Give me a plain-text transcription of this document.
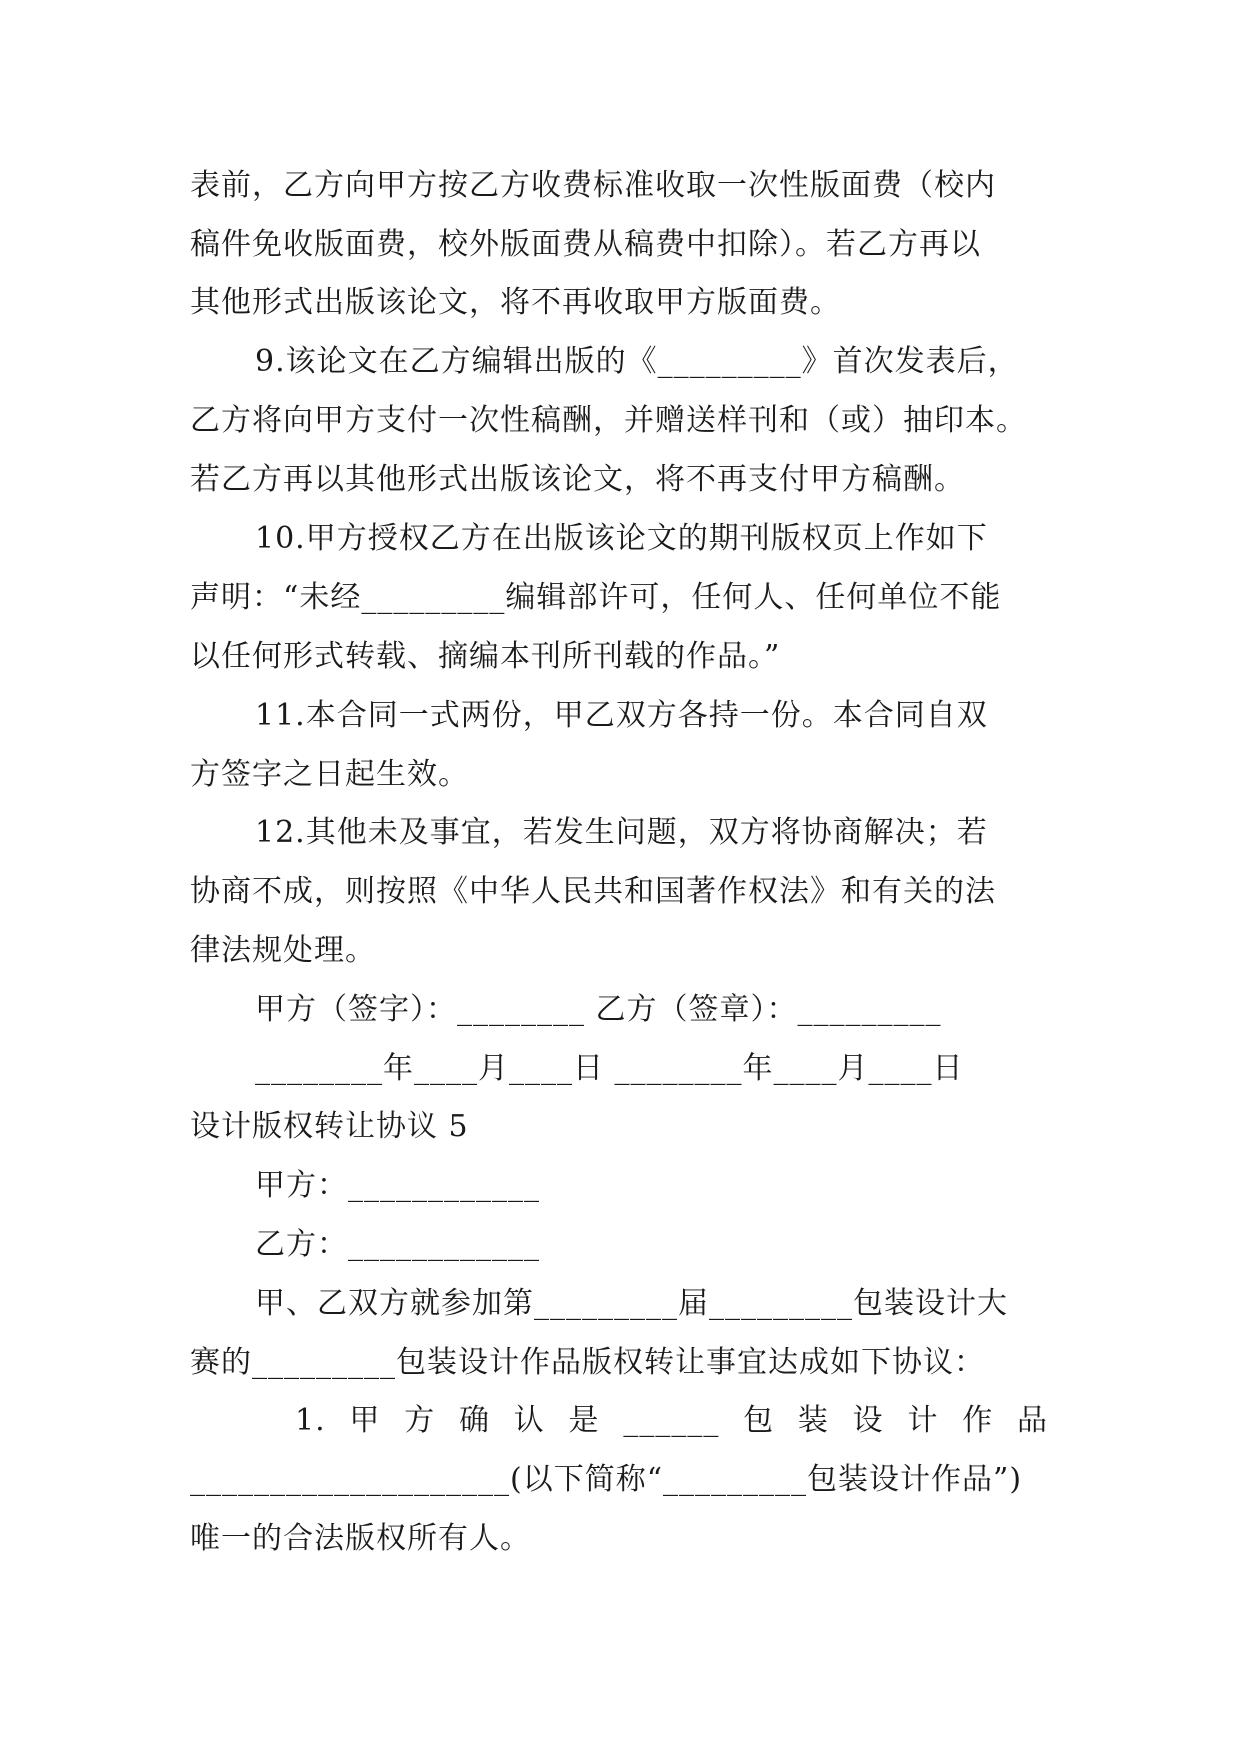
表前，乙方向甲方按乙方收费标准收取一次性版面费（校内
稿件免收版面费，校外版面费从稿费中扣除）。若乙方再以
其他形式出版该论文，将不再收取甲方版面费。
9.该论文在乙方编辑出版的《_________》首次发表后，
乙方将向甲方支付一次性稿酬，并赠送样刊和（或）抽印本。
若乙方再以其他形式出版该论文，将不再支付甲方稿酬。
10.甲方授权乙方在出版该论文的期刊版权页上作如下
声明：“未经_________编辑部许可，任何人、任何单位不能
以任何形式转载、摘编本刊所刊载的作品。”
11.本合同一式两份，甲乙双方各持一份。本合同自双
方签字之日起生效。
12.其他未及事宜，若发生问题，双方将协商解决；若
协商不成，则按照《中华人民共和国著作权法》和有关的法
律法规处理。
甲方（签字）：________ 乙方（签章）：_________
________年____月____日 ________年____月____日
设计版权转让协议 5
甲方：____________
乙方：____________
甲、乙双方就参加第_________届_________包装设计大
赛的_________包装设计作品版权转让事宜达成如下协议：
1. 甲 方 确 认 是 ______ 包 装 设 计 作 品
____________________(以下简称“_________包装设计作品”)
唯一的合法版权所有人。
